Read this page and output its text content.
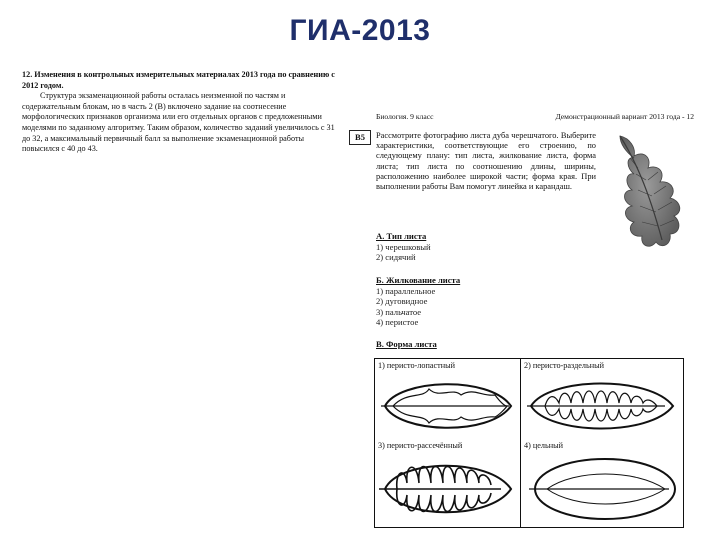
ГИА-2013
12. Изменения в контрольных измерительных материалах 2013 года по сравнению с 2012 годом.
Структура экзаменационной работы осталась неизменной по частям и содержательным блокам, но в часть 2 (В) включено задание на соотнесение морфологических признаков органиэма или его отдельных органов с предложенными моделями по заданному алгоритму. Таким образом, количество заданий увеличилось с 31 до 32, а максимальный первичный балл за выполнение экзаменационной работы повысился с 40 до 43.
Биология. 9 класс	Демонстрационный вариант 2013 года - 12
В5	Рассмотрите фотографию листа дуба черешчатого. Выберите характеристики, соответствующие его строению, по следующему плану: тип листа, жилкование листа, форма листа; тип листа по соотношению длины, ширины, расположению наиболее широкой части; форма края. При выполнении работы Вам помогут линейка и карандаш.
А. Тип листа
1) черешковый
2) сидячий
Б. Жилкование листа
1) параллельное
2) дуговидное
3) пальчатое
4) перистое
В. Форма листа
1) перисто-лопастный	2) перисто-раздельный
3) перисто-рассечённый	4) цельный
